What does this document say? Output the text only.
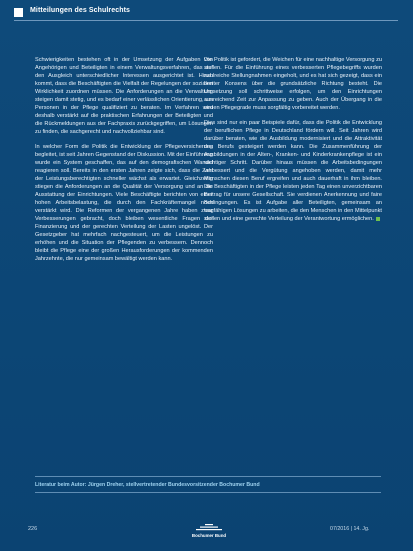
Mitteilungen des Schulrechts

Schwierigkeiten bestehen oft in der Umsetzung der Aufgaben von Angehörigen und Beteiligten in einem Verwaltungsverfahren, das auf den Ausgleich unterschiedlicher Interessen ausgerichtet ist. Hinzu kommt, dass die Beschäftigten die Vielfalt der Regelungen der sozialen Wirklichkeit zuordnen müssen. Die Anforderungen an die Verwaltung steigen damit stetig, und es bedarf einer verlässlichen Orientierung, um Personen in der Pflege qualifiziert zu beraten. Im Verfahren wird deshalb verstärkt auf die praktischen Erfahrungen der Beteiligten und die Rückmeldungen aus der Fachpraxis zurückgegriffen, um Lösungen zu finden, die sachgerecht und nachvollziehbar sind.

In welcher Form die Politik die Entwicklung der Pflegeversicherung begleitet, ist seit Jahren Gegenstand der Diskussion. Mit der Einführung wurde ein System geschaffen, das auf den demografischen Wandel reagieren soll. Bereits in den ersten Jahren zeigte sich, dass die Zahl der Leistungsberechtigten schneller wächst als erwartet. Gleichzeitig stiegen die Anforderungen an die Qualität der Versorgung und an die Ausstattung der Einrichtungen. Viele Beschäftigte berichten von einer hohen Arbeitsbelastung, die durch den Fachkräftemangel noch verstärkt wird. Die Reformen der vergangenen Jahre haben zwar Verbesserungen gebracht, doch bleiben wesentliche Fragen der Finanzierung und der gerechten Verteilung der Lasten ungelöst. Der Gesetzgeber hat mehrfach nachgesteuert, um die Leistungen zu erhöhen und die Situation der Pflegenden zu verbessern. Dennoch bleibt die Pflege eine der großen Herausforderungen der kommenden Jahrzehnte, die nur gemeinsam bewältigt werden kann.

Die Politik ist gefordert, die Weichen für eine nachhaltige Versorgung zu stellen. Für die Einführung eines verbesserten Pflegebegriffs wurden zahlreiche Stellungnahmen eingeholt, und es hat sich gezeigt, dass ein breiter Konsens über die grundsätzliche Richtung besteht. Die Umsetzung soll schrittweise erfolgen, um den Einrichtungen ausreichend Zeit zur Anpassung zu geben. Auch der Übergang in die neuen Pflegegrade muss sorgfältig vorbereitet werden.

Dies sind nur ein paar Beispiele dafür, dass die Politik die Entwicklung der beruflichen Pflege in Deutschland fördern will. Seit Jahren wird darüber beraten, wie die Ausbildung modernisiert und die Attraktivität des Berufs gesteigert werden kann. Die Zusammenführung der Ausbildungen in der Alten-, Kranken- und Kinderkrankenpflege ist ein wichtiger Schritt. Darüber hinaus müssen die Arbeitsbedingungen verbessert und die Vergütung angehoben werden, damit mehr Menschen diesen Beruf ergreifen und auch dauerhaft in ihm bleiben. Die Beschäftigten in der Pflege leisten jeden Tag einen unverzichtbaren Beitrag für unsere Gesellschaft. Sie verdienen Anerkennung und faire Bedingungen. Es ist Aufgabe aller Beteiligten, gemeinsam an tragfähigen Lösungen zu arbeiten, die den Menschen in den Mittelpunkt stellen und eine gerechte Verteilung der Verantwortung ermöglichen.

Literatur beim Autor: Jürgen Dreher, stellvertretender Bundesvorsitzender Bochumer Bund
226
Bochumer Bund
07/2016 | 14. Jg.
